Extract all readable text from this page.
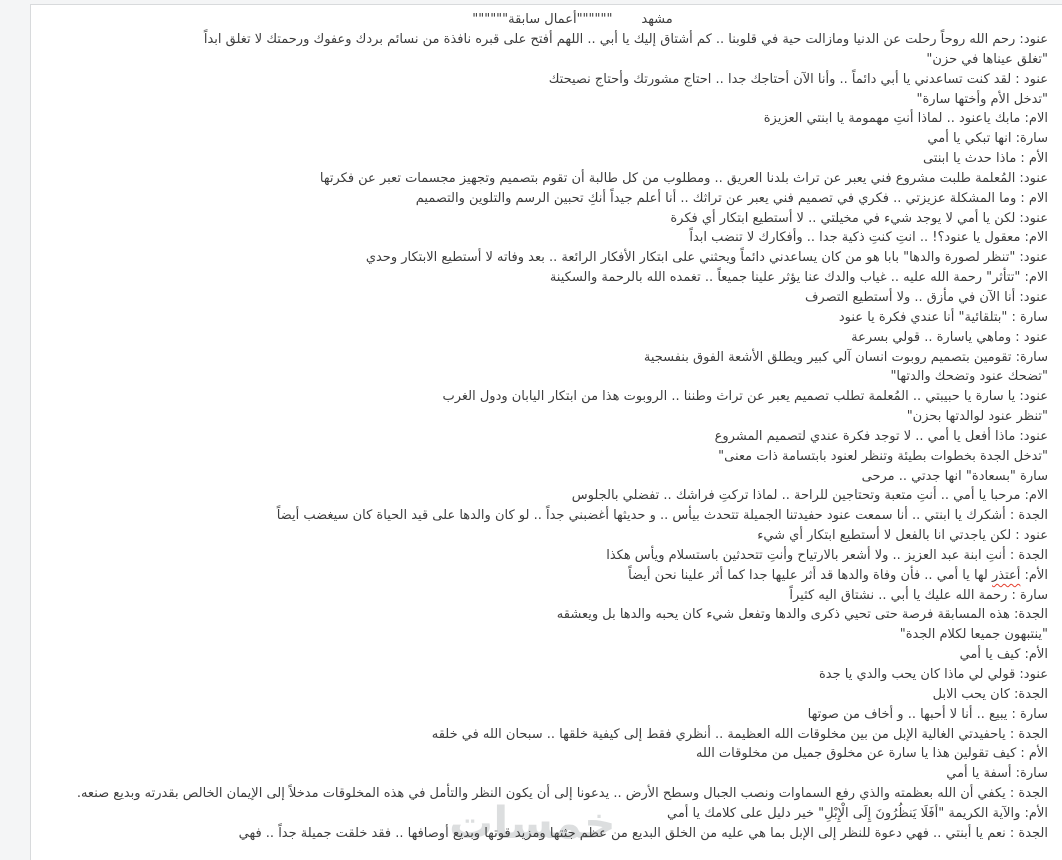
خمسات
مشهد       """"""أعمال سابقة""""""
عنود: رحم الله روحاً رحلت عن الدنيا ومازالت حية في قلوبنا .. كم أشتاق إليك يا أبي .. اللهم أفتح على قبره نافذة من نسائم بردك وعفوك ورحمتك لا تغلق ابداً
"تغلق عيناها في حزن"
عنود : لقد كنت تساعدني يا أبي دائماً .. وأنا الآن أحتاجك جدا .. احتاج مشورتك وأحتاج نصيحتك
"تدخل الأم وأختها سارة"
الام: مابك ياعنود .. لماذا أنتِ مهمومة يا ابنتي العزيزة
سارة: انها تبكي يا أمي
الأم : ماذا حدث يا ابنتى
عنود: المُعلمة طلبت مشروع فني يعبر عن تراث بلدنا العريق .. ومطلوب من كل طالبة أن تقوم بتصميم وتجهيز مجسمات تعبر عن فكرتها
الام : وما المشكلة عزيزتي .. فكري في تصميم فني يعبر عن تراثك .. أنا أعلم جيداً أنكِ تحبين الرسم والتلوين والتصميم
عنود: لكن يا أمي لا يوجد شيء في مخيلتي .. لا أستطيع ابتكار أي فكرة
الام: معقول يا عنود؟! .. انتِ كنتِ ذكية جدا .. وأفكارك لا تنضب ابداً
عنود: "تنظر لصورة والدها" بابا هو من كان يساعدني دائماً ويحثني على ابتكار الأفكار الرائعة .. بعد وفاته لا أستطيع الابتكار وحدي
الام: "تتأثر" رحمة الله عليه .. غياب والدك عنا يؤثر علينا جميعاً .. تغمده الله بالرحمة والسكينة
عنود: أنا الآن في مأزق .. ولا أستطيع التصرف
سارة : "بتلقائية" أنا عندي فكرة يا عنود
عنود : وماهي ياسارة .. قولي بسرعة
سارة: تقومين بتصميم روبوت انسان آلي كبير ويطلق الأشعة الفوق بنفسجية
"تضحك عنود وتضحك والدتها"
عنود: يا سارة يا حبيبتي .. المُعلمة تطلب تصميم يعبر عن تراث وطننا .. الروبوت هذا من ابتكار اليابان ودول الغرب
"تنظر عنود لوالدتها بحزن"
عنود: ماذا أفعل يا أمي .. لا توجد فكرة عندي لتصميم المشروع
"تدخل الجدة بخطوات بطيئة وتنظر لعنود بابتسامة ذات معنى"
سارة "بسعادة" انها جدتي .. مرحى
الام: مرحبا يا أمي .. أنتِ متعبة وتحتاجين للراحة .. لماذا تركتِ فراشك .. تفضلي بالجلوس
الجدة : أشكرك يا ابنتي .. أنا سمعت عنود حفيدتنا الجميلة تتحدث بيأس .. و حديثها أغضبني جداً .. لو كان والدها على قيد الحياة كان سيغضب أيضاً
عنود : لكن ياجدتي انا بالفعل لا أستطيع ابتكار أي شيء
الجدة : أنتِ ابنة عبد العزيز .. ولا أشعر بالارتياح وأنتِ تتحدثين باستسلام ويأس هكذا
الأم: أعتذر لها يا أمي .. فأن وفاة والدها قد أثر عليها جدا كما أثر علينا نحن أيضاً
سارة : رحمة الله عليك يا أبي .. نشتاق اليه كثيراً
الجدة: هذه المسابقة فرصة حتى تحيي ذكرى والدها وتفعل شيء كان يحبه والدها بل ويعشقه
"ينتبهون جميعا لكلام الجدة"
الأم: كيف يا أمي
عنود: قولي لي ماذا كان يحب والدي يا جدة
الجدة: كان يحب الابل
سارة : يبيع .. أنا لا أحبها .. و أخاف من صوتها
الجدة : ياحفيدتي الغالية الإبل من بين مخلوقات الله العظيمة .. أنظري فقط إلى كيفية خلقها .. سبحان الله في خلقه
الأم : كيف تقولين هذا يا سارة عن مخلوق جميل من مخلوقات الله
سارة: أسفة يا أمي
الجدة : يكفي أن الله بعظمته والذي رفع السماوات ونصب الجبال وسطح الأرض .. يدعونا إلى أن يكون النظر والتأمل في هذه المخلوقات مدخلاً إلى الإيمان الخالص بقدرته وبديع صنعه.
الأم: والآية الكريمة "أفَلَا يَنظُرُونَ إِلَى الْإِبْلِ" خير دليل على كلامك يا أمي
الجدة : نعم يا أبنتي .. فهي دعوة للنظر إلى الإبل بما هي عليه من الخلق البديع من عظم جثتها ومزيد قوتها وبديع أوصافها .. فقد خلقت جميلة جداً .. فهي
